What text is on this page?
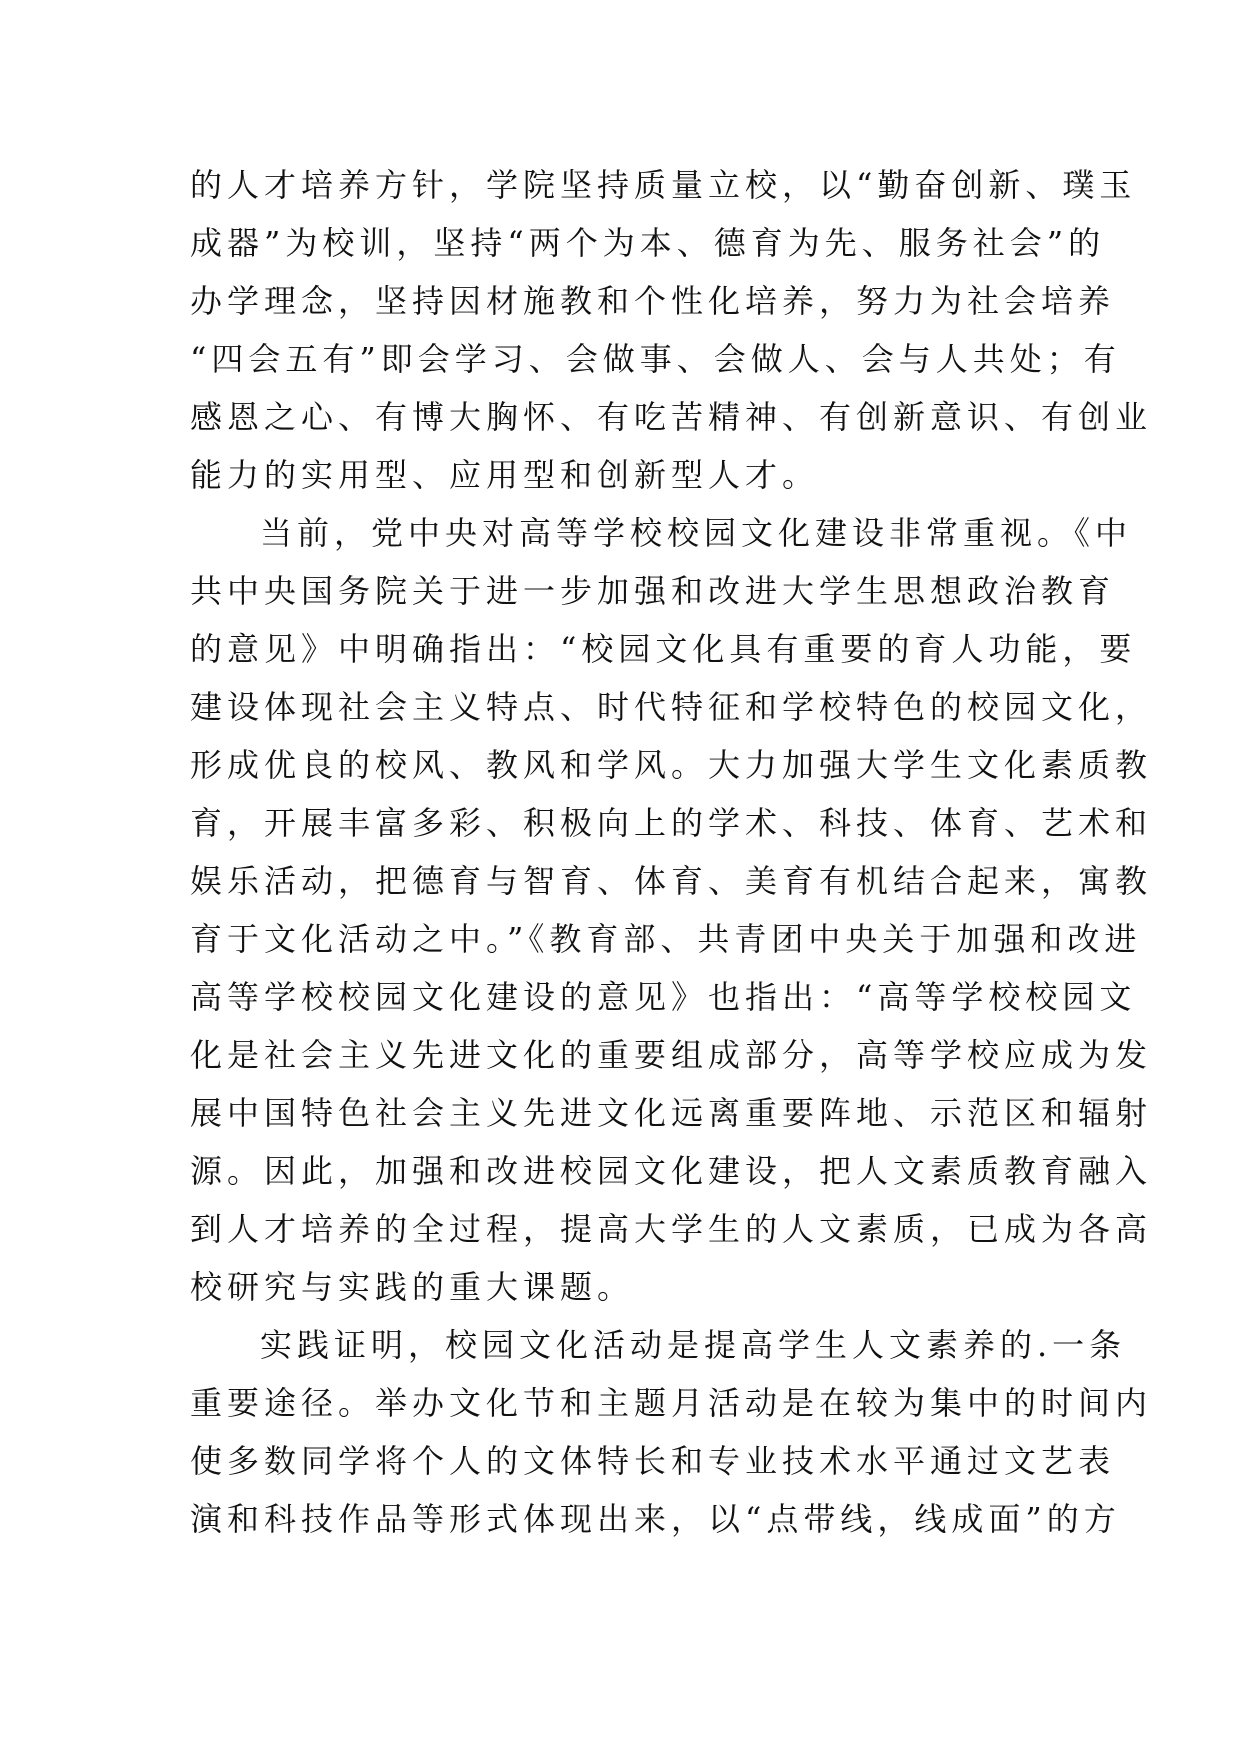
的人才培养方针，学院坚持质量立校，以“勤奋创新、璞玉
成器”为校训，坚持“两个为本、德育为先、服务社会”的
办学理念，坚持因材施教和个性化培养，努力为社会培养
“四会五有”即会学习、会做事、会做人、会与人共处；有
感恩之心、有博大胸怀、有吃苦精神、有创新意识、有创业
能力的实用型、应用型和创新型人才。
当前，党中央对高等学校校园文化建设非常重视。《中
共中央国务院关于进一步加强和改进大学生思想政治教育
的意见》中明确指出：“校园文化具有重要的育人功能，要
建设体现社会主义特点、时代特征和学校特色的校园文化，
形成优良的校风、教风和学风。大力加强大学生文化素质教
育，开展丰富多彩、积极向上的学术、科技、体育、艺术和
娱乐活动，把德育与智育、体育、美育有机结合起来，寓教
育于文化活动之中。”《教育部、共青团中央关于加强和改进
高等学校校园文化建设的意见》也指出：“高等学校校园文
化是社会主义先进文化的重要组成部分，高等学校应成为发
展中国特色社会主义先进文化远离重要阵地、示范区和辐射
源。因此，加强和改进校园文化建设，把人文素质教育融入
到人才培养的全过程，提高大学生的人文素质，已成为各高
校研究与实践的重大课题。
实践证明，校园文化活动是提高学生人文素养的.一条
重要途径。举办文化节和主题月活动是在较为集中的时间内
使多数同学将个人的文体特长和专业技术水平通过文艺表
演和科技作品等形式体现出来，以“点带线，线成面”的方
